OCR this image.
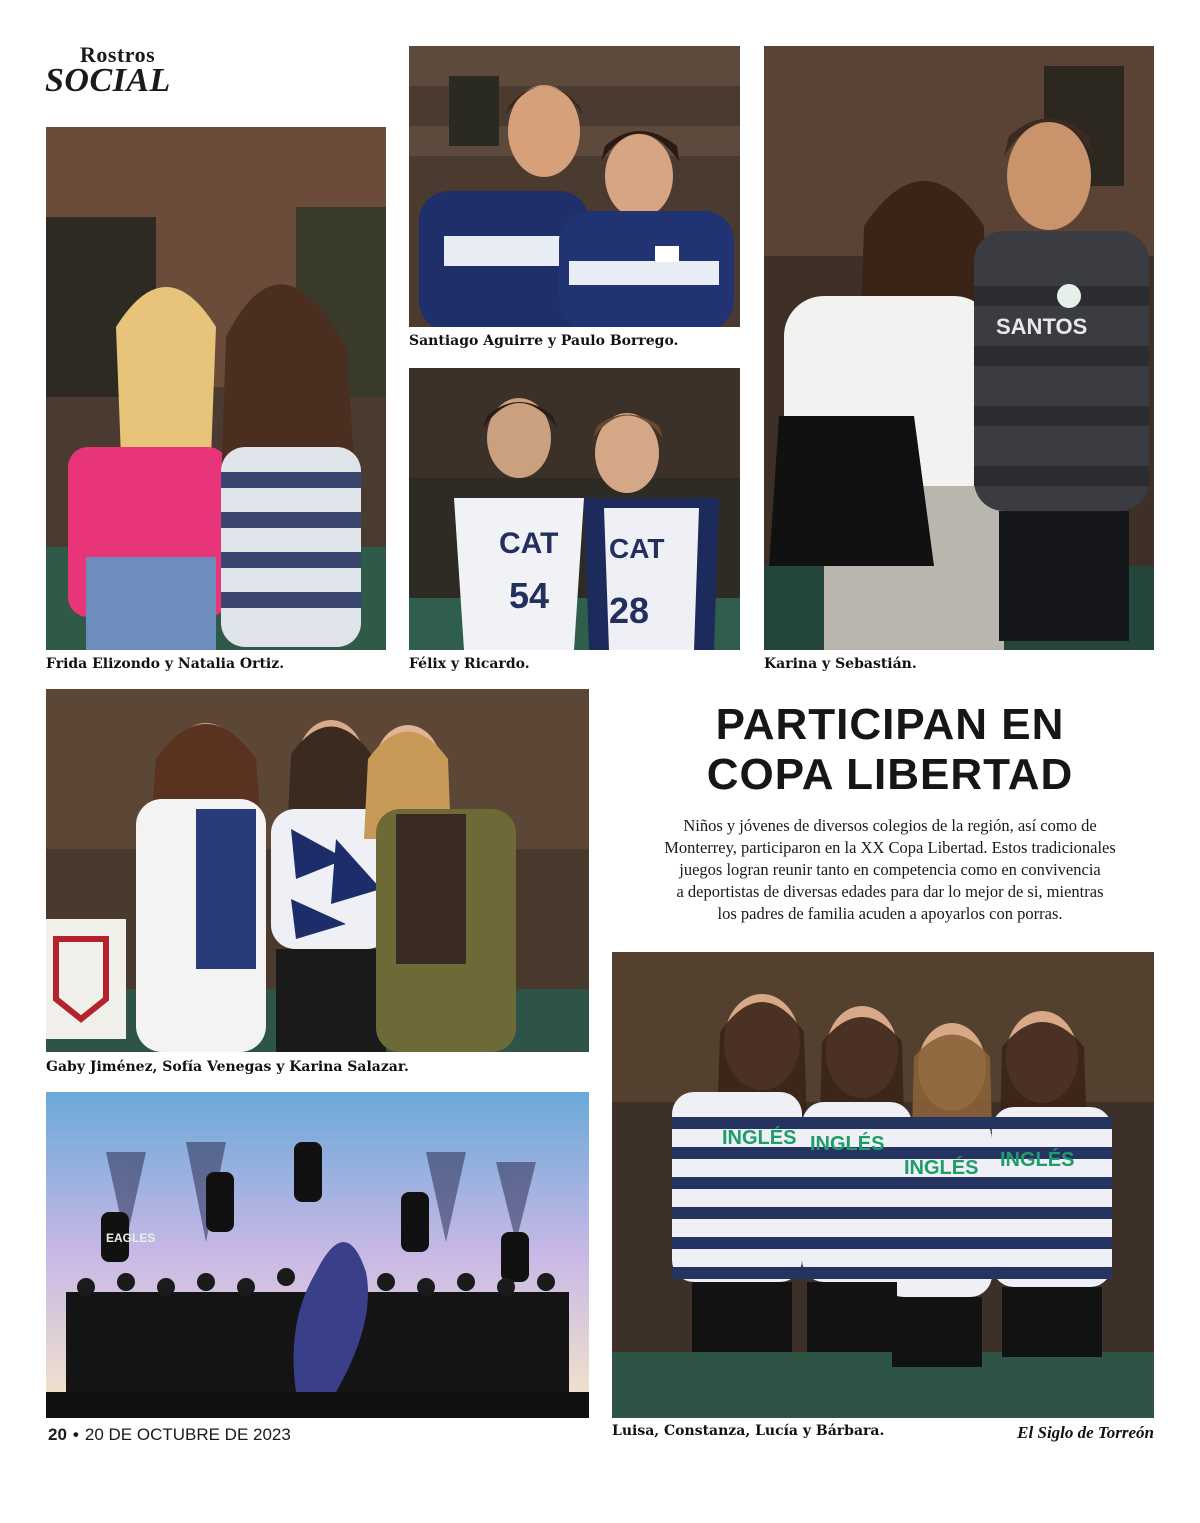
Rostros
SOCIAL
Frida Elizondo y Natalia Ortiz.
Santiago Aguirre y Paulo Borrego.
CAT
54
CAT
28
Félix y Ricardo.
SANTOS
Karina y Sebastián.
Gaby Jiménez, Sofía Venegas y Karina Salazar.
EAGLES
PARTICIPAN EN
COPA LIBERTAD
Niños y jóvenes de diversos colegios de la región, así como de
Monterrey, participaron en la XX Copa Libertad. Estos tradicionales
juegos logran reunir tanto en competencia como en convivencia
a deportistas de diversas edades para dar lo mejor de si, mientras
los padres de familia acuden a apoyarlos con porras.
INGLÉS INGLÉS
INGLÉS INGLÉS
Luisa, Constanza, Lucía y Bárbara.
20 • 20 DE OCTUBRE DE 2023	El Siglo de Torreón
